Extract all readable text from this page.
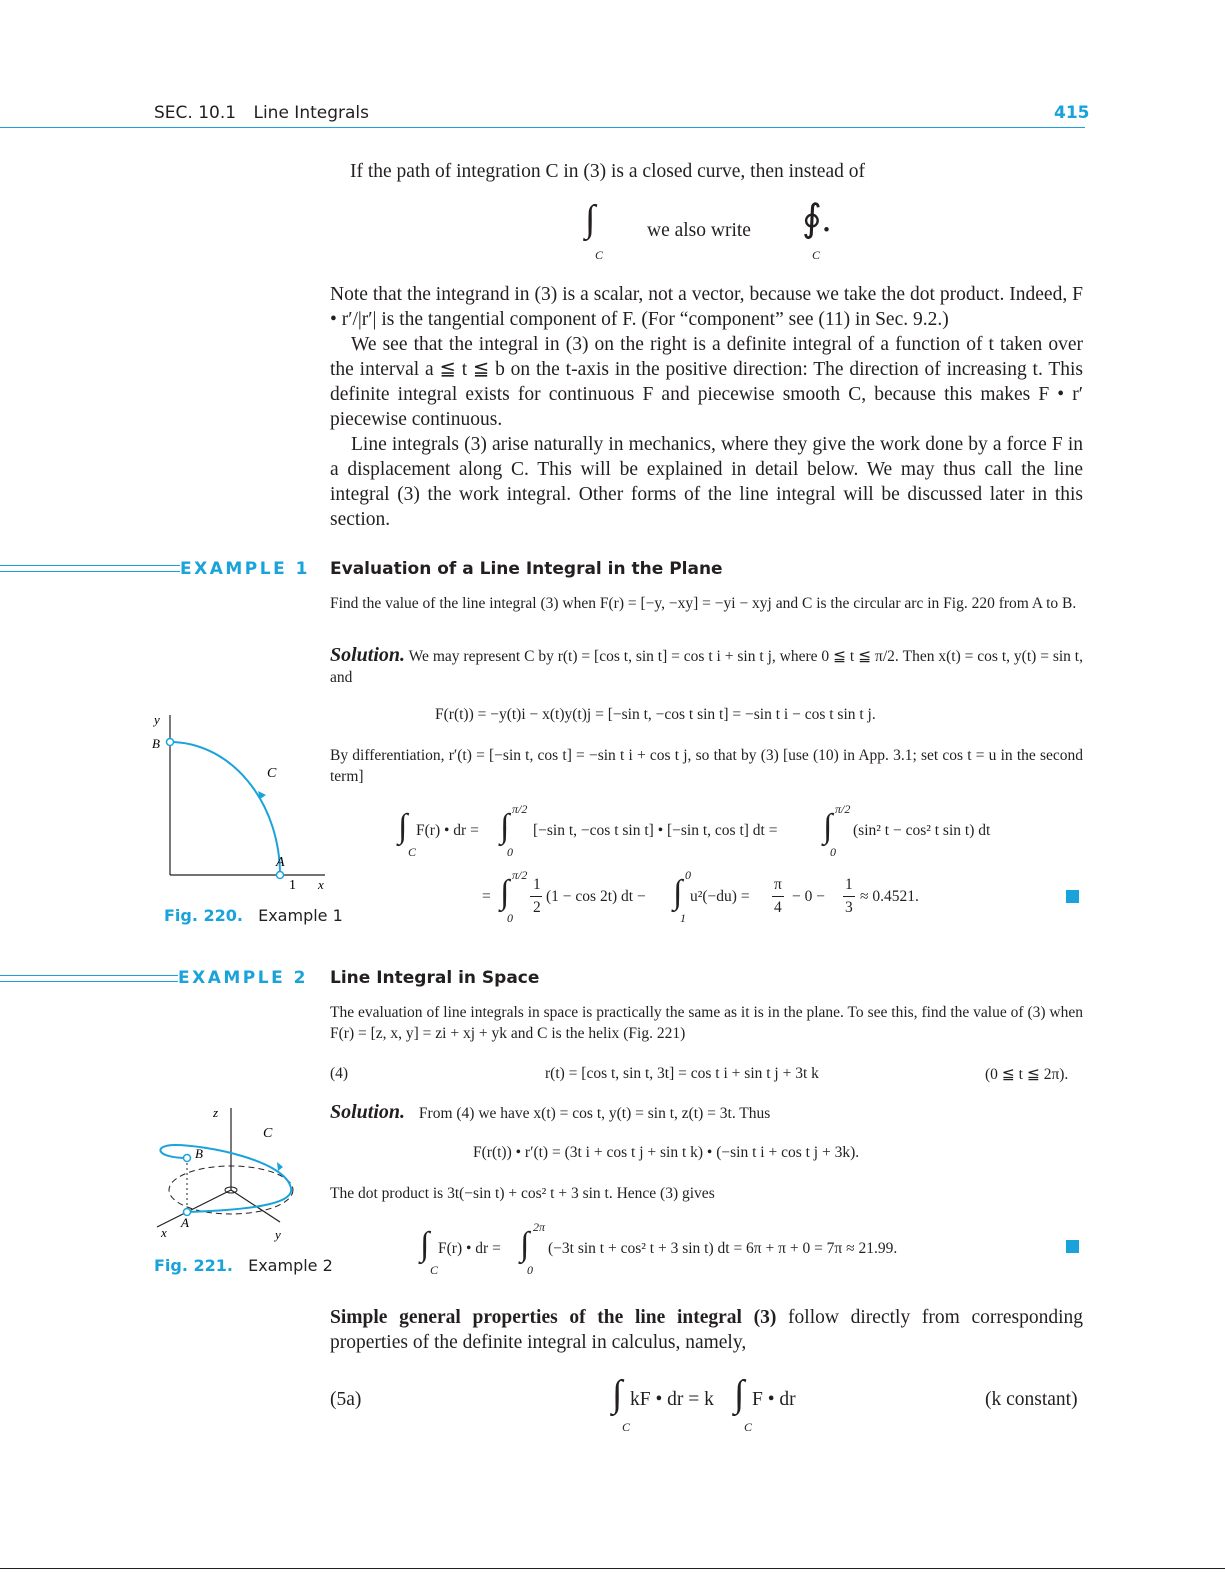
SEC. 10.1 Line Integrals	415
If the path of integration C in (3) is a closed curve, then instead of
∫
C
we also write ∮.
C
Note that the integrand in (3) is a scalar, not a vector, because we take the dot product. Indeed, F • r′/|r′| is the tangential component of F. (For “component” see (11) in Sec. 9.2.)
We see that the integral in (3) on the right is a definite integral of a function of t taken over the interval a ≦ t ≦ b on the t-axis in the positive direction: The direction of increasing t. This definite integral exists for continuous F and piecewise smooth C, because this makes F • r′ piecewise continuous.
Line integrals (3) arise naturally in mechanics, where they give the work done by a force F in a displacement along C. This will be explained in detail below. We may thus call the line integral (3) the work integral. Other forms of the line integral will be discussed later in this section.
EXAMPLE 1 Evaluation of a Line Integral in the Plane
Find the value of the line integral (3) when F(r) = [−y, −xy] = −yi − xyj and C is the circular arc in Fig. 220 from A to B.
Solution. We may represent C by r(t) = [cos t, sin t] = cos t i + sin t j, where 0 ≦ t ≦ π/2. Then x(t) = cos t, y(t) = sin t, and
F(r(t)) = −y(t)i − x(t)y(t)j = [−sin t, −cos t sin t] = −sin t i − cos t sin t j.
By differentiation, r′(t) = [−sin t, cos t] = −sin t i + cos t j, so that by (3) [use (10) in App. 3.1; set cos t = u in the second term]
∫
C
F(r) • dr = ∫ π/2
0
[−sin t, −cos t sin t] • [−sin t, cos t] dt = ∫ π/2
0
(sin² t − cos² t sin t) dt
= ∫ π/2
0
1
2
(1 − cos 2t) dt − ∫ 0
1
u²(−du) =
π
4
− 0 −
1
3
≈ 0.4521.
y
B
C
A
1 x
Fig. 220. Example 1
EXAMPLE 2 Line Integral in Space
The evaluation of line integrals in space is practically the same as it is in the plane. To see this, find the value of (3) when F(r) = [z, x, y] = zi + xj + yk and C is the helix (Fig. 221)
(4)	r(t) = [cos t, sin t, 3t] = cos t i + sin t j + 3t k	(0 ≦ t ≦ 2π).
Solution. From (4) we have x(t) = cos t, y(t) = sin t, z(t) = 3t. Thus
F(r(t)) • r′(t) = (3t i + cos t j + sin t k) • (−sin t i + cos t j + 3k).
The dot product is 3t(−sin t) + cos² t + 3 sin t. Hence (3) gives
∫
C
F(r) • dr = ∫ 2π
0
(−3t sin t + cos² t + 3 sin t) dt = 6π + π + 0 = 7π ≈ 21.99.
z
C
B
A
x	y
Fig. 221. Example 2
Simple general properties of the line integral (3) follow directly from corresponding properties of the definite integral in calculus, namely,
(5a)	∫
C
kF • dr = k ∫
C
F • dr	(k constant)
